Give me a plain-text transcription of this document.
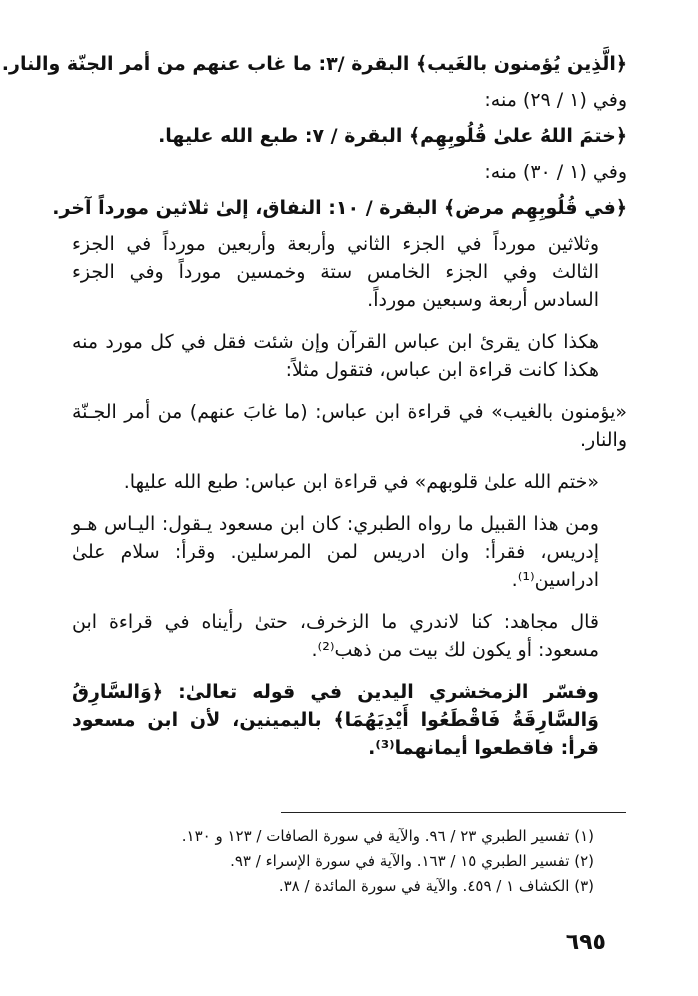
﴿الَّذِين يُؤمنون بالغَيب﴾ البقرة /٣: ما غاب عنهم من أمر الجنّة والنار.

وفي (١ / ٢٩) منه:

﴿ختمَ اللهُ علىٰ قُلُوبِهِم﴾ البقرة / ٧: طبع الله عليها.

وفي (١ / ٣٠) منه:

﴿في قُلُوبِهِم مرض﴾ البقرة / ١٠: النفاق، إلىٰ ثلاثين مورداً آخر.

وثلاثين مورداً في الجزء الثاني وأربعة وأربعين مورداً في الجزء الثالث وفي الجزء الخامس ستة وخمسين مورداً وفي الجزء السادس أربعة وسبعين مورداً.

هكذا كان يقرئ ابن عباس القرآن وإن شئت فقل في كل مورد منه هكذا كانت قراءة ابن عباس، فتقول مثلاً:

«يؤمنون بالغيب» في قراءة ابن عباس: (ما غابَ عنهم) من أمر الجـنّة والنار.

«ختم الله علىٰ قلوبهم» في قراءة ابن عباس: طبع الله عليها.

ومن هذا القبيل ما رواه الطبري: كان ابن مسعود يـقول: اليـاس هـو إدريس، فقرأ: وان ادريس لمن المرسلين. وقرأ: سلام علىٰ ادراسين⁽¹⁾.

قال مجاهد: كنا لاندري ما الزخرف، حتىٰ رأيناه في قراءة ابن مسعود: أو يكون لك بيت من ذهب⁽²⁾.

وفسّر الزمخشري اليدين في قوله تعالىٰ: ﴿وَالسَّارِقُ وَالسَّارِقَةُ فَاقْطَعُوا أَيْدِيَهُمَا﴾ باليمينين، لأن ابن مسعود قرأ: فاقطعوا أيمانهما⁽³⁾.

(١) تفسير الطبري ٢٣ / ٩٦. والآية في سورة الصافات / ١٢٣ و ١٣٠.

(٢) تفسير الطبري ١٥ / ١٦٣. والآية في سورة الإسراء / ٩٣.

(٣) الكشاف ١ / ٤٥٩. والآية في سورة المائدة / ٣٨.

٦٩٥
